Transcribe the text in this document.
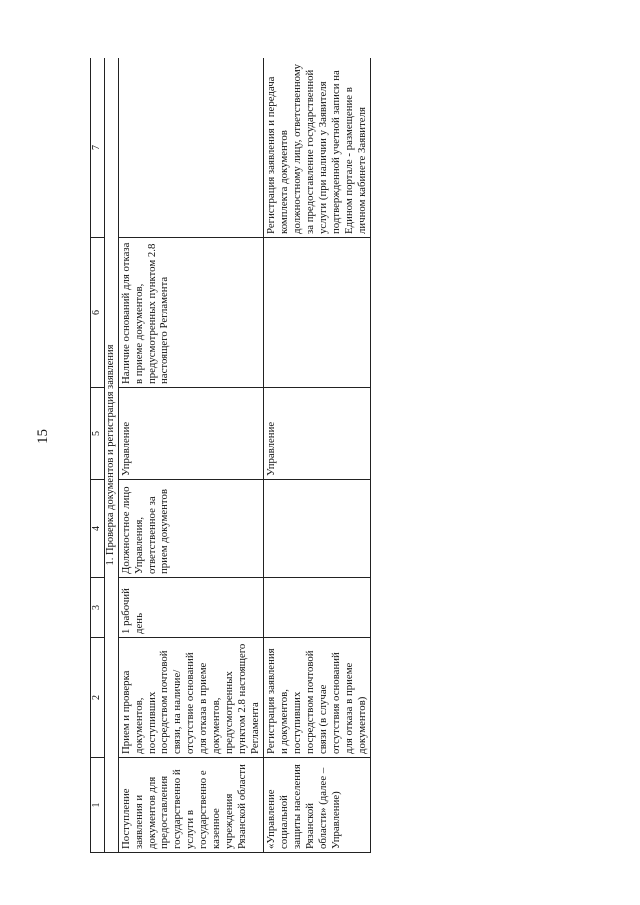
15
1	2	3	4	5	6	7
1. Проверка документов и регистрация заявления						
Поступление заявления и документов для предоставления государственно й услуги в государственно е казенное учреждения Рязанской области	Прием и проверка документов, поступивших посредством почтовой связи, на наличие/отсутствие оснований для отказа в приеме документов, предусмотренных пунктом 2.8 настоящего Регламента	1 рабочий день	Должностное лицо Управления, ответственное за прием документов	Управление	Наличие оснований для отказа в приеме документов, предусмотренных пунктом 2.8 настоящего Регламента	
«Управление социальной защиты населения Рязанской области» (далее – Управление)	Регистрация заявления и документов, поступивших посредством почтовой связи (в случае отсутствия оснований для отказа в приеме документов)			Управление		Регистрация заявления и передача комплекта документов должностному лицу, ответственному за предоставление государственной услуги (при наличии у Заявителя подтвержденной учетной записи на Едином портале - размещение в личном кабинете Заявителя
